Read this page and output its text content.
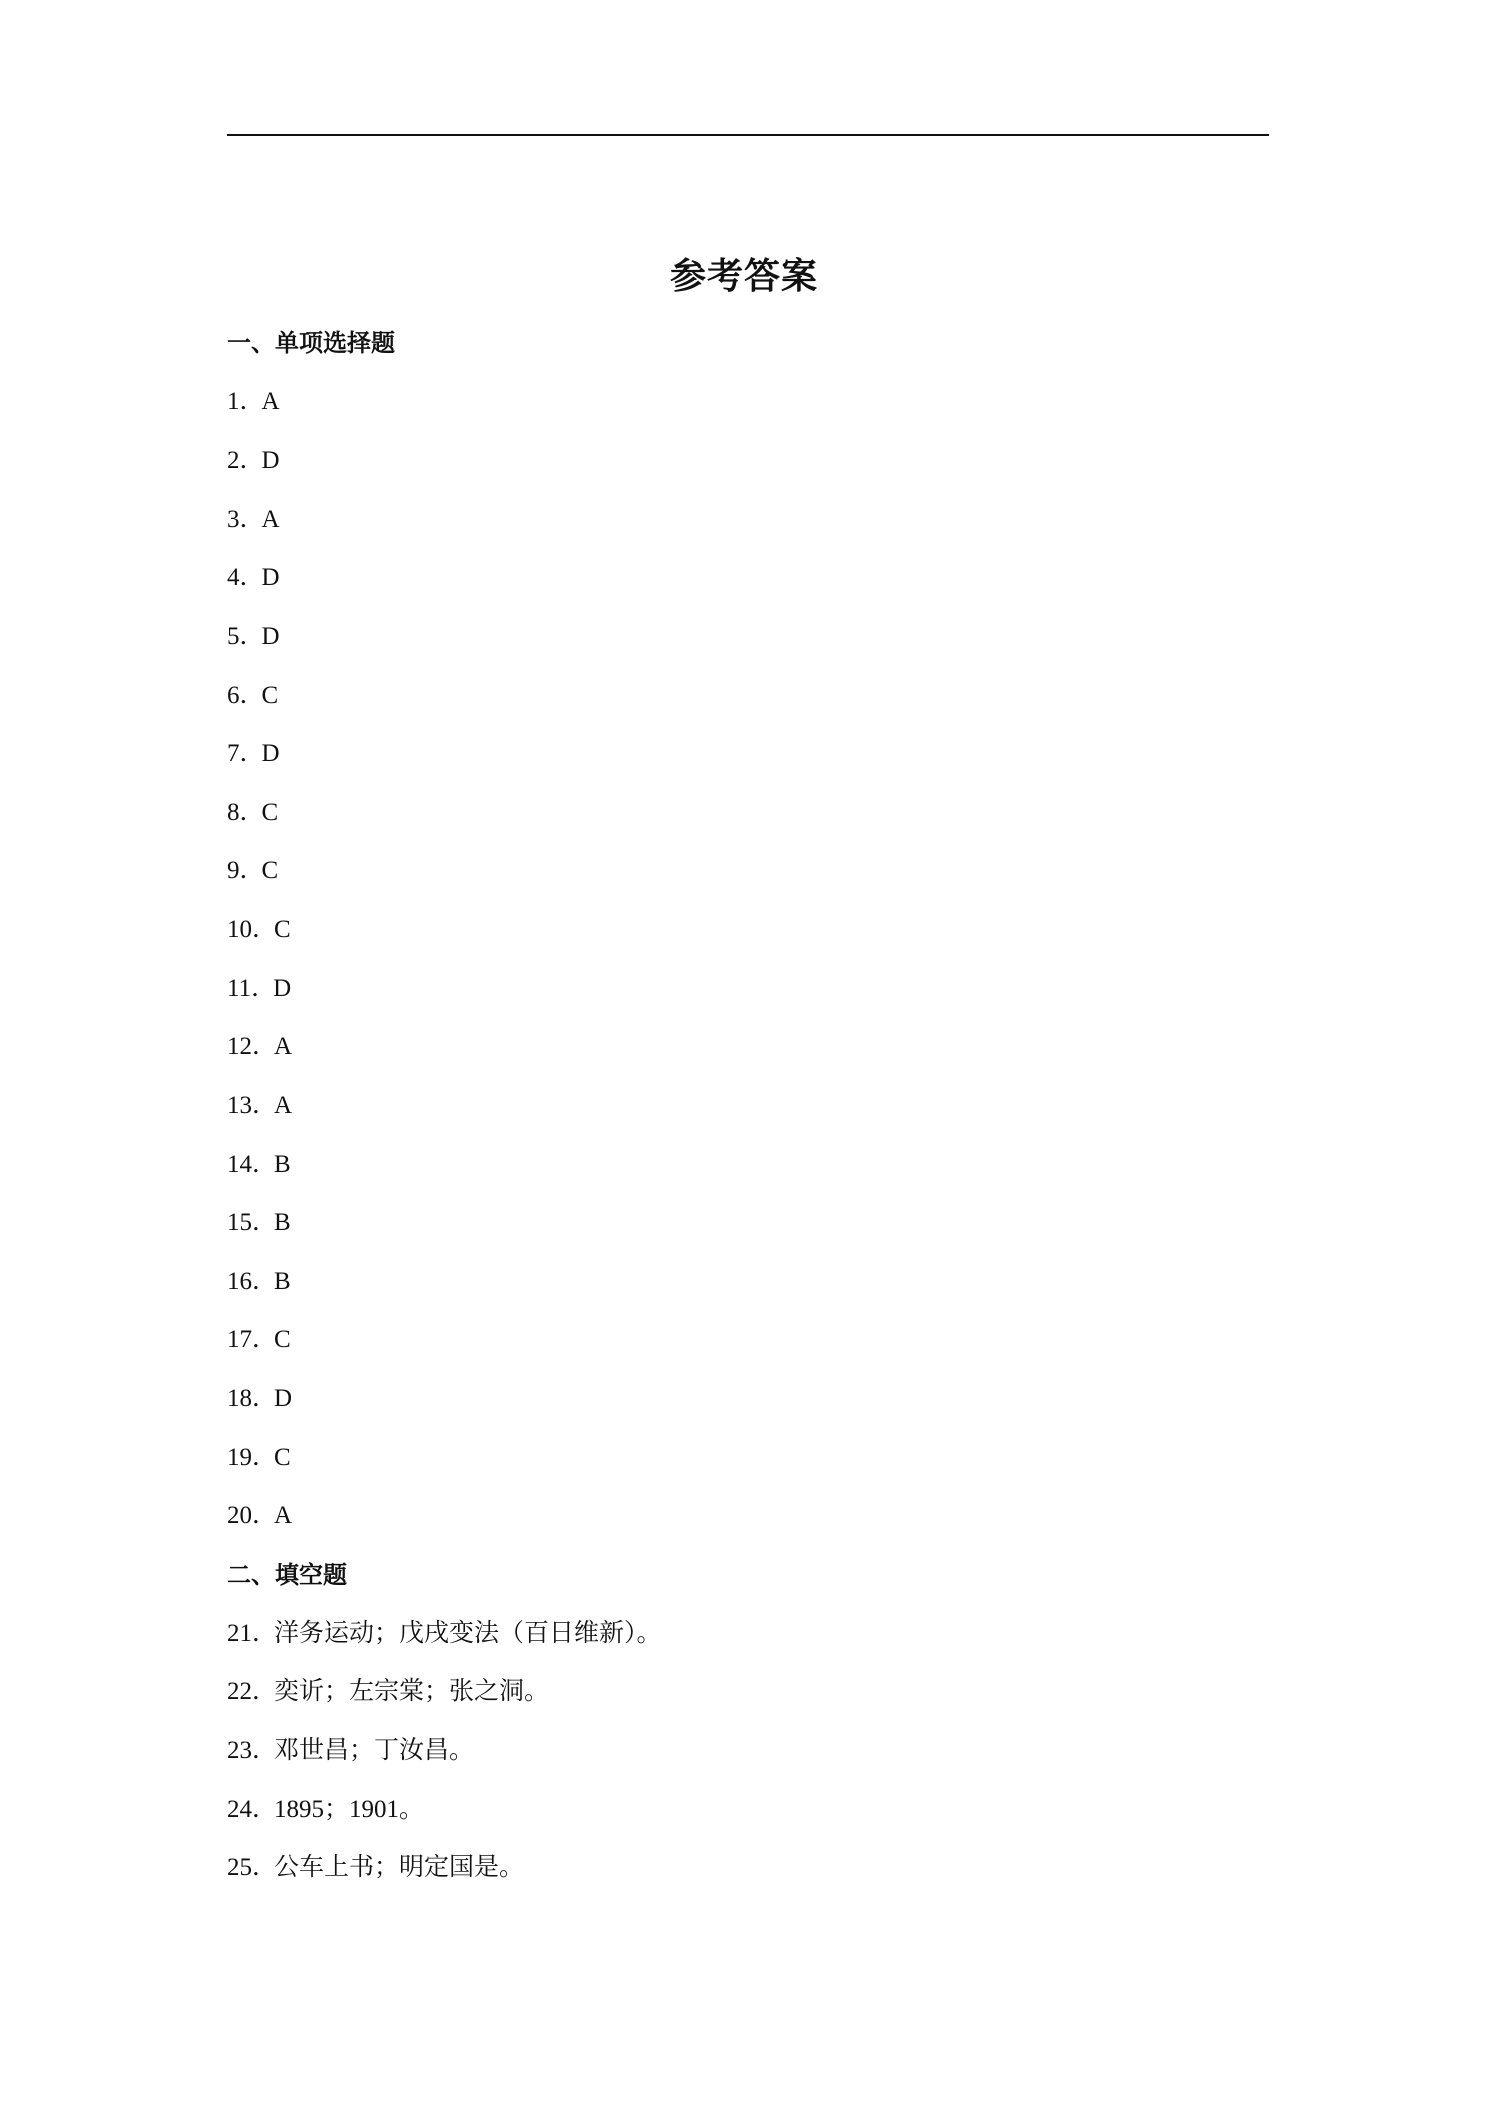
参考答案
一、单项选择题
1．A
2．D
3．A
4．D
5．D
6．C
7．D
8．C
9．C
10．C
11．D
12．A
13．A
14．B
15．B
16．B
17．C
18．D
19．C
20．A
二、填空题
21．洋务运动；戊戌变法（百日维新）。
22．奕䜣；左宗棠；张之洞。
23．邓世昌；丁汝昌。
24．1895；1901。
25．公车上书；明定国是。
